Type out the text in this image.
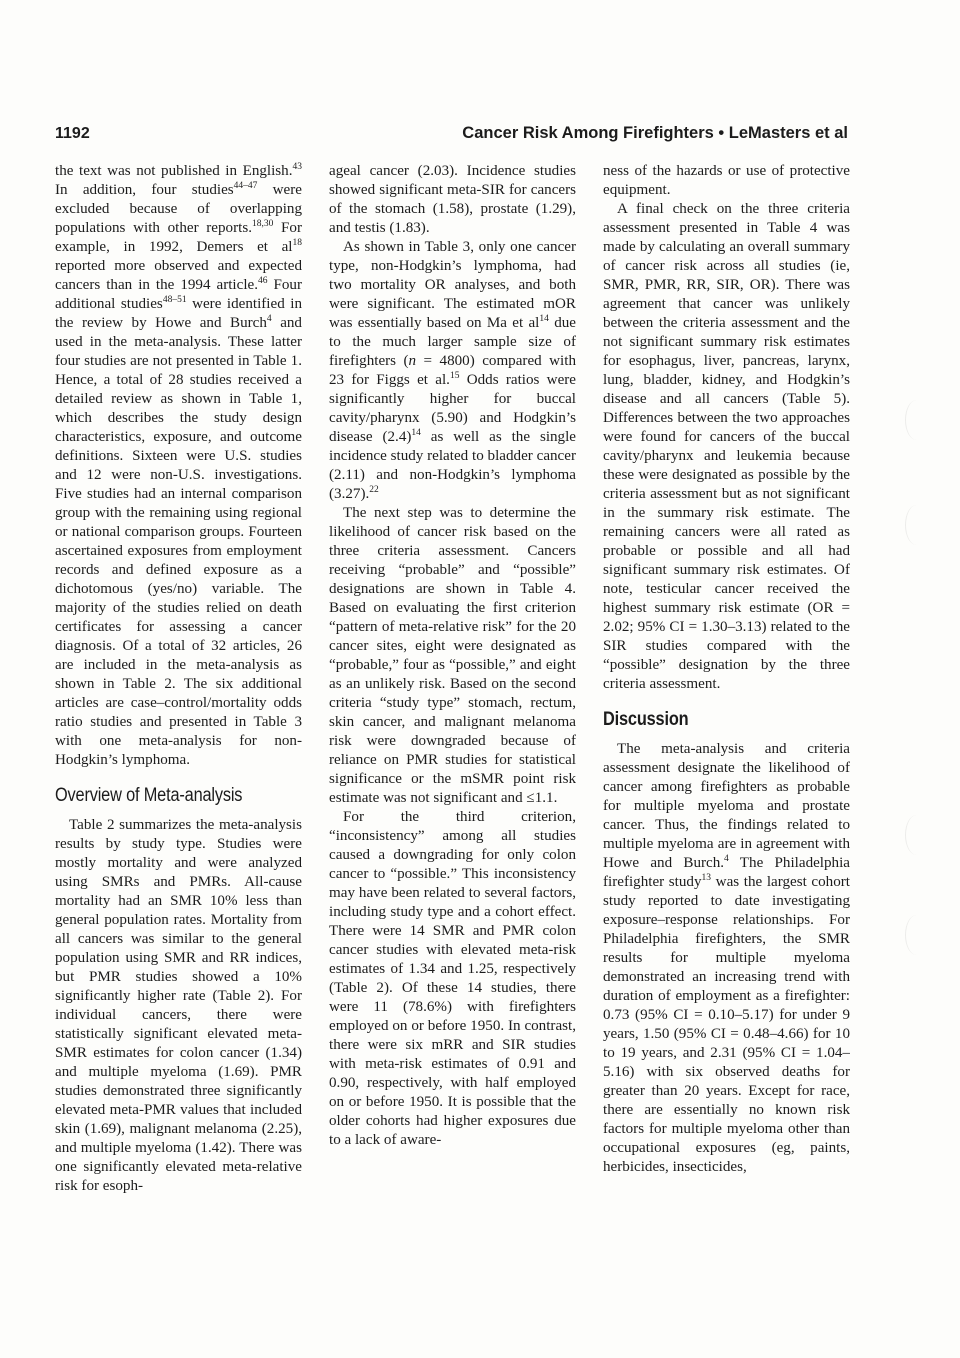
1192	Cancer Risk Among Firefighters • LeMasters et al

the text was not published in English.$^{43}$ In addition, four studies$^{44-47}$ were excluded because of overlapping populations with other reports.$^{18,30}$ For example, in 1992, Demers et $al^{18}$ reported more observed and expected cancers than in the 1994 article.$^{46}$ Four additional studies$^{48-51}$ were identified in the review by Howe and Burch$^4$ and used in the meta-analysis. These latter four studies are not presented in Table 1. Hence, a total of 28 studies received a detailed review as shown in Table 1, which describes the study design characteristics, exposure, and outcome definitions. Sixteen were U.S. studies and 12 were non-U.S. investigations. Five studies had an internal comparison group with the remaining using regional or national comparison groups. Fourteen ascertained exposures from employment records and defined exposure as a dichotomous (yes/no) variable. The majority of the studies relied on death certificates for assessing a cancer diagnosis. Of a total of 32 articles, 26 are included in the meta-analysis as shown in Table 2. The six additional articles are case–control/mortality odds ratio studies and presented in Table 3 with one meta-analysis for non-Hodgkin’s lymphoma.

Overview of Meta-analysis

Table 2 summarizes the meta-analysis results by study type. Studies were mostly mortality and were analyzed using SMRs and PMRs. All-cause mortality had an SMR 10% less than general population rates. Mortality from all cancers was similar to the general population using SMR and RR indices, but PMR studies showed a 10% significantly higher rate (Table 2). For individual cancers, there were statistically significant elevated meta-SMR estimates for colon cancer (1.34) and multiple myeloma (1.69). PMR studies demonstrated three significantly elevated meta-PMR values that included skin (1.69), malignant melanoma (2.25), and multiple myeloma (1.42). There was one significantly elevated meta-relative risk for esoph-

ageal cancer (2.03). Incidence studies showed significant meta-SIR for cancers of the stomach (1.58), prostate (1.29), and testis (1.83).

As shown in Table 3, only one cancer type, non-Hodgkin’s lymphoma, had two mortality OR analyses, and both were significant. The estimated mOR was essentially based on Ma et $al^{14}$ due to the much larger sample size of firefighters (n = 4800) compared with 23 for Figgs et al.$^{15}$ Odds ratios were significantly higher for buccal cavity/pharynx (5.90) and Hodgkin’s disease $(2.4)^{14}$ as well as the single incidence study related to bladder cancer (2.11) and non-Hodgkin’s lymphoma (3.27).$^{22}$

The next step was to determine the likelihood of cancer risk based on the three criteria assessment. Cancers receiving “probable” and “possible” designations are shown in Table 4. Based on evaluating the first criterion “pattern of meta-relative risk” for the 20 cancer sites, eight were designated as “probable,” four as “possible,” and eight as an unlikely risk. Based on the second criteria “study type” stomach, rectum, skin cancer, and malignant melanoma risk were downgraded because of reliance on PMR studies for statistical significance or the mSMR point risk estimate was not significant and ≤1.1.

For the third criterion, “inconsistency” among all studies caused a downgrading for only colon cancer to “possible.” This inconsistency may have been related to several factors, including study type and a cohort effect. There were 14 SMR and PMR colon cancer studies with elevated meta-risk estimates of 1.34 and 1.25, respectively (Table 2). Of these 14 studies, there were 11 (78.6%) with firefighters employed on or before 1950. In contrast, there were six mRR and SIR studies with meta-risk estimates of 0.91 and 0.90, respectively, with half employed on or before 1950. It is possible that the older cohorts had higher exposures due to a lack of aware-

ness of the hazards or use of protective equipment.

A final check on the three criteria assessment presented in Table 4 was made by calculating an overall summary of cancer risk across all studies (ie, SMR, PMR, RR, SIR, OR). There was agreement that cancer was unlikely between the criteria assessment and the not significant summary risk estimates for esophagus, liver, pancreas, larynx, lung, bladder, kidney, and Hodgkin’s disease and all cancers (Table 5). Differences between the two approaches were found for cancers of the buccal cavity/pharynx and leukemia because these were designated as possible by the criteria assessment but as not significant in the summary risk estimate. The remaining cancers were all rated as probable or possible and all had significant summary risk estimates. Of note, testicular cancer received the highest summary risk estimate (OR = 2.02; 95% CI = 1.30–3.13) related to the SIR studies compared with the “possible” designation by the three criteria assessment.

Discussion

The meta-analysis and criteria assessment designate the likelihood of cancer among firefighters as probable for multiple myeloma and prostate cancer. Thus, the findings related to multiple myeloma are in agreement with Howe and Burch.$^4$ The Philadelphia firefighter study$^{13}$ was the largest cohort study reported to date investigating exposure–response relationships. For Philadelphia firefighters, the SMR results for multiple myeloma demonstrated an increasing trend with duration of employment as a firefighter: 0.73 (95% CI = 0.10–5.17) for under 9 years, 1.50 (95% CI = 0.48–4.66) for 10 to 19 years, and 2.31 (95% CI = 1.04–5.16) with six observed deaths for greater than 20 years. Except for race, there are essentially no known risk factors for multiple myeloma other than occupational exposures (eg, paints, herbicides, insecticides,
